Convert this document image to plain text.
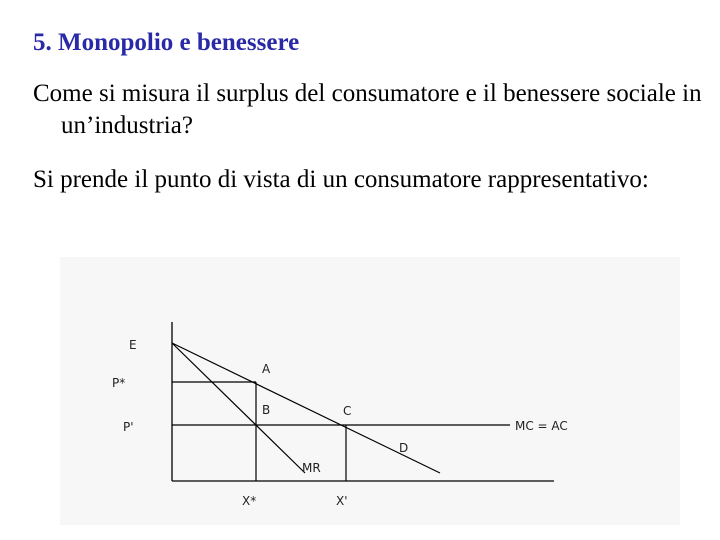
5. Monopolio e benessere
Come si misura il surplus del consumatore e il benessere sociale in un’industria?
Si prende il punto di vista di un consumatore rappresentativo:
E
P*
P'
A
B	C
D
MC = AC
MR
X*	X'
